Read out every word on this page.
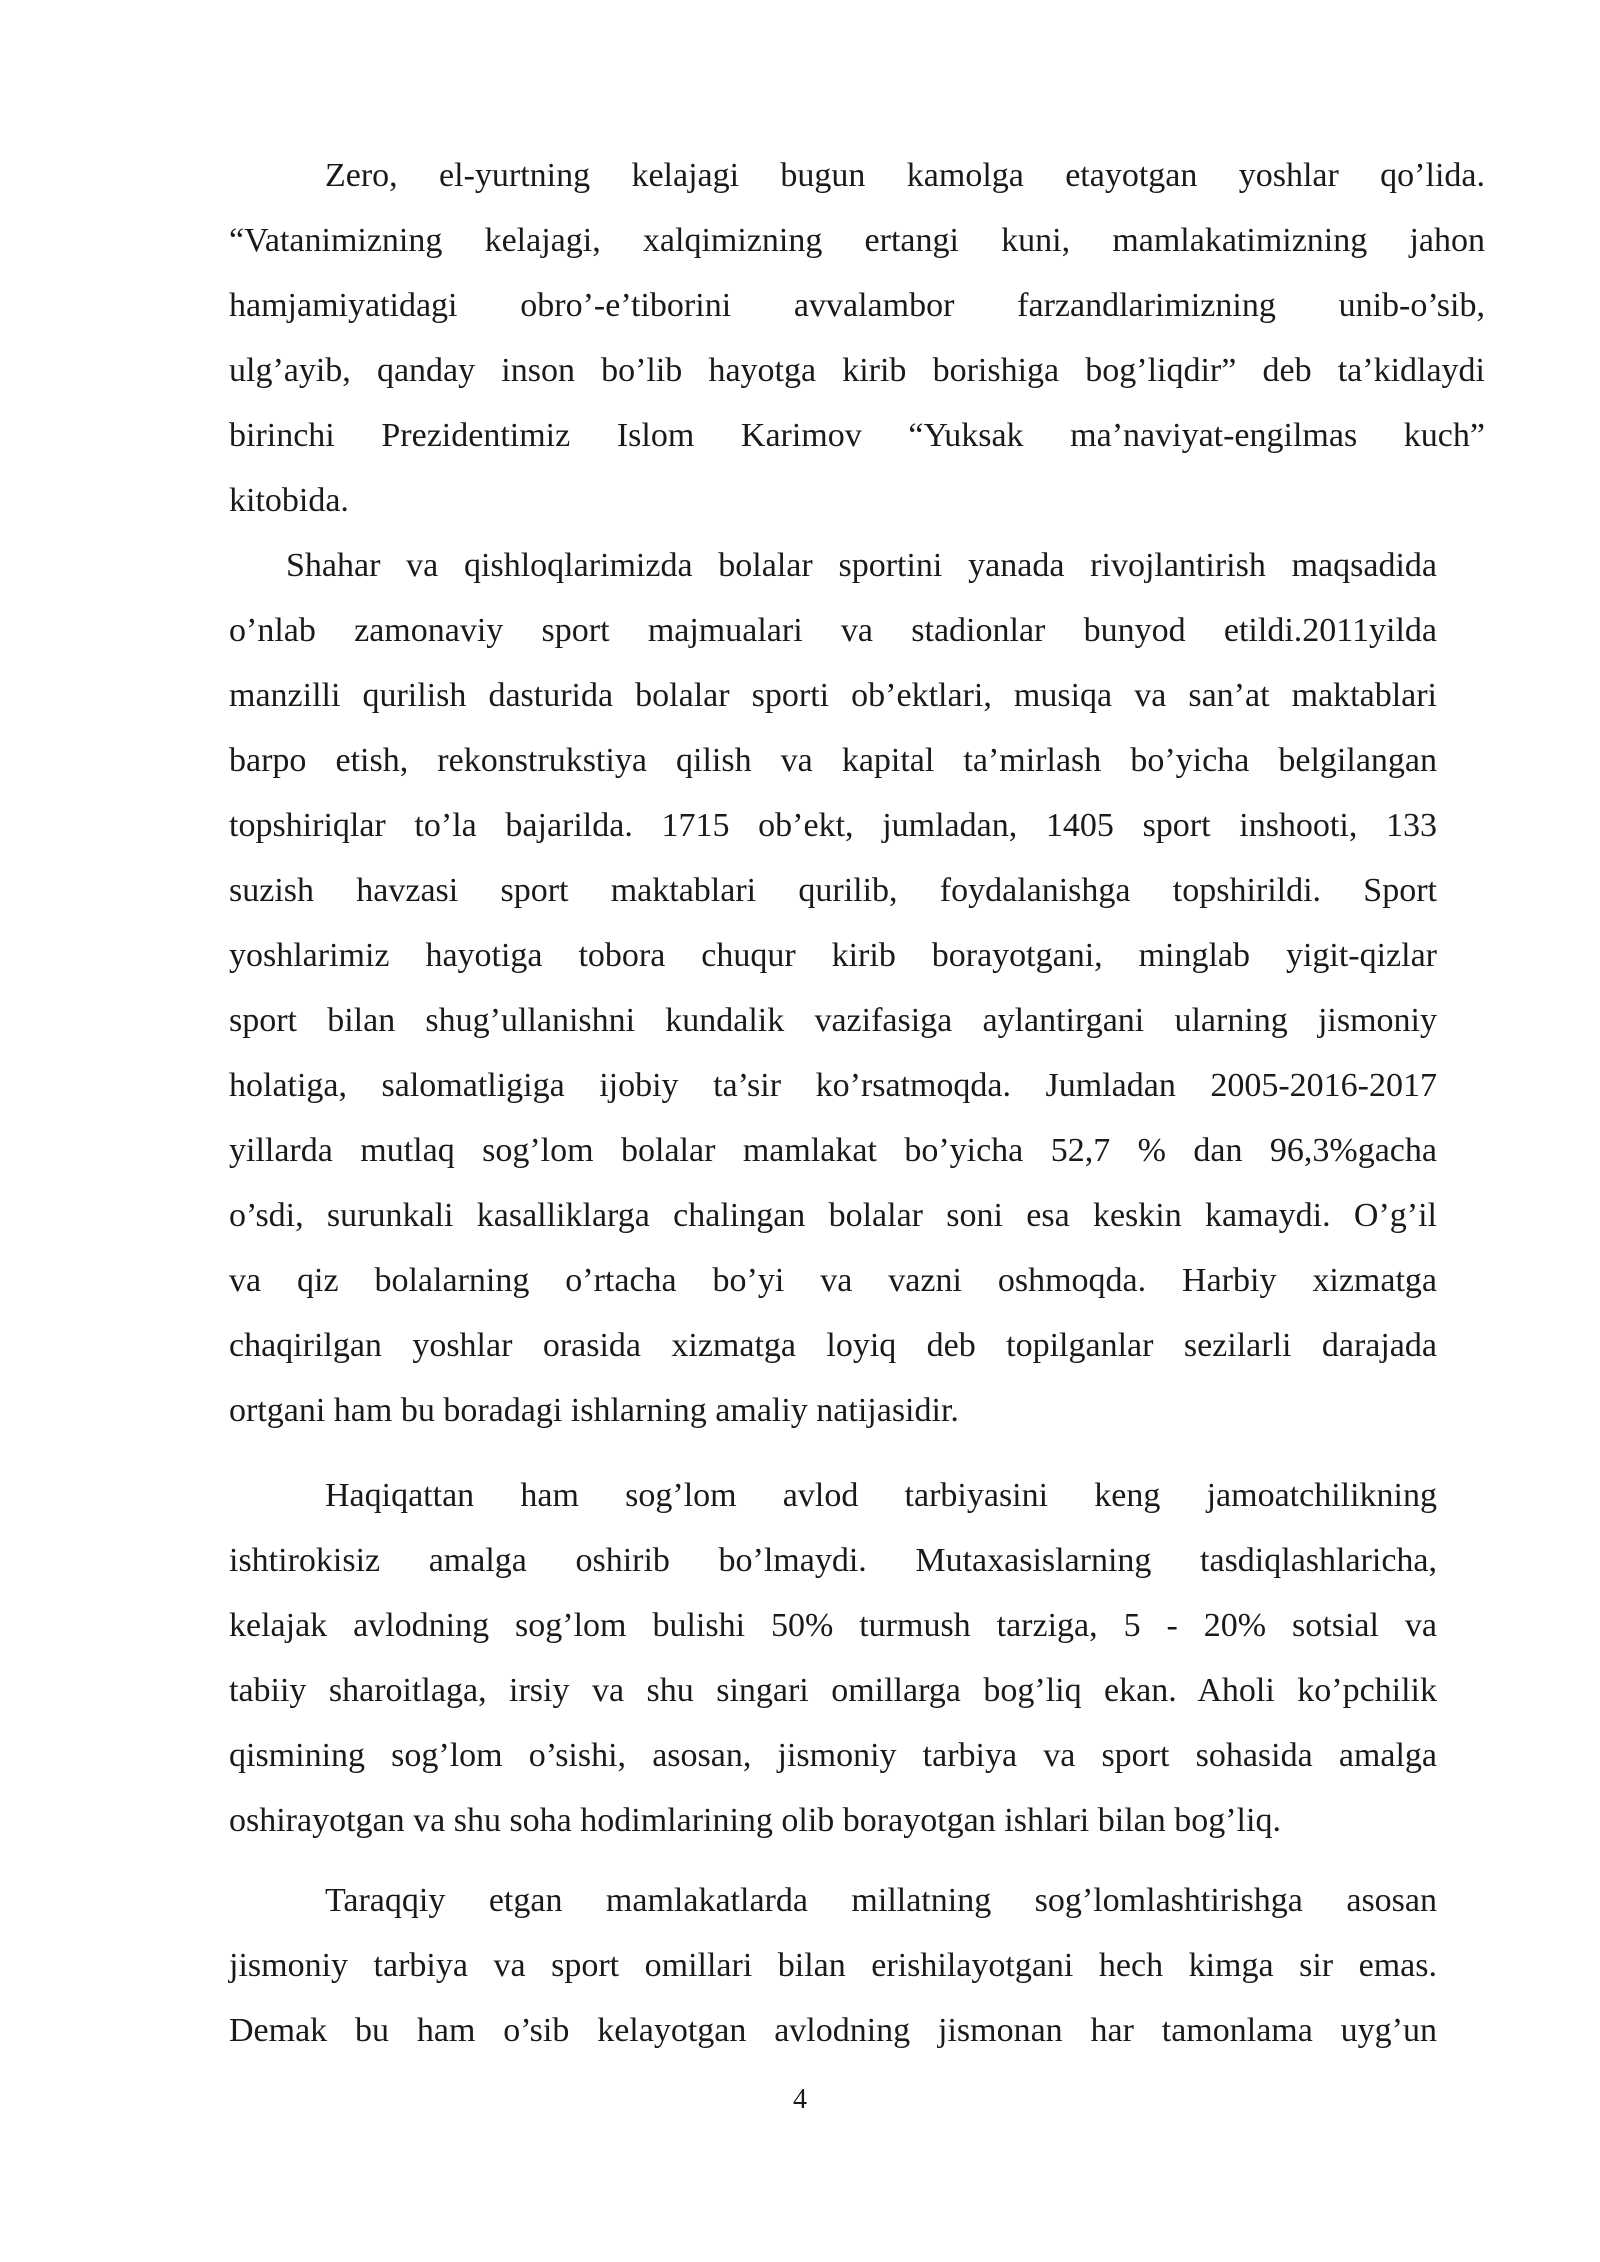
Zero, el-yurtning kelajagi bugun kamolga etayotgan yoshlar qo’lida.
“Vatanimizning kelajagi, xalqimizning ertangi kuni, mamlakatimizning jahon
hamjamiyatidagi obro’-e’tiborini avvalambor farzandlarimizning unib-o’sib,
ulg’ayib, qanday inson bo’lib hayotga kirib borishiga bog’liqdir” deb ta’kidlaydi
birinchi Prezidentimiz Islom Karimov “Yuksak ma’naviyat-engilmas kuch”
kitobida.
Shahar va qishloqlarimizda bolalar sportini yanada rivojlantirish maqsadida
o’nlab zamonaviy sport majmualari va stadionlar bunyod etildi.2011yilda
manzilli qurilish dasturida bolalar sporti ob’ektlari, musiqa va san’at maktablari
barpo etish, rekonstrukstiya qilish va kapital ta’mirlash bo’yicha belgilangan
topshiriqlar to’la bajarilda. 1715 ob’ekt, jumladan, 1405 sport inshooti, 133
suzish havzasi sport maktablari qurilib, foydalanishga topshirildi. Sport
yoshlarimiz hayotiga tobora chuqur kirib borayotgani, minglab yigit-qizlar
sport bilan shug’ullanishni kundalik vazifasiga aylantirgani ularning jismoniy
holatiga, salomatligiga ijobiy ta’sir ko’rsatmoqda. Jumladan 2005-2016-2017
yillarda mutlaq sog’lom bolalar mamlakat bo’yicha 52,7 % dan 96,3%gacha
o’sdi, surunkali kasalliklarga chalingan bolalar soni esa keskin kamaydi. O’g’il
va qiz bolalarning o’rtacha bo’yi va vazni oshmoqda. Harbiy xizmatga
chaqirilgan yoshlar orasida xizmatga loyiq deb topilganlar sezilarli darajada
ortgani ham bu boradagi ishlarning amaliy natijasidir.
Haqiqattan ham sog’lom avlod tarbiyasini keng jamoatchilikning
ishtirokisiz amalga oshirib bo’lmaydi. Mutaxasislarning tasdiqlashlaricha,
kelajak avlodning sog’lom bulishi 50% turmush tarziga, 5 - 20% sotsial va
tabiiy sharoitlaga, irsiy va shu singari omillarga bog’liq ekan. Aholi ko’pchilik
qismining sog’lom o’sishi, asosan, jismoniy tarbiya va sport sohasida amalga
oshirayotgan va shu soha hodimlarining olib borayotgan ishlari bilan bog’liq.
Taraqqiy etgan mamlakatlarda millatning sog’lomlashtirishga asosan
jismoniy tarbiya va sport omillari bilan erishilayotgani hech kimga sir emas.
Demak bu ham o’sib kelayotgan avlodning jismonan har tamonlama uyg’un
4
